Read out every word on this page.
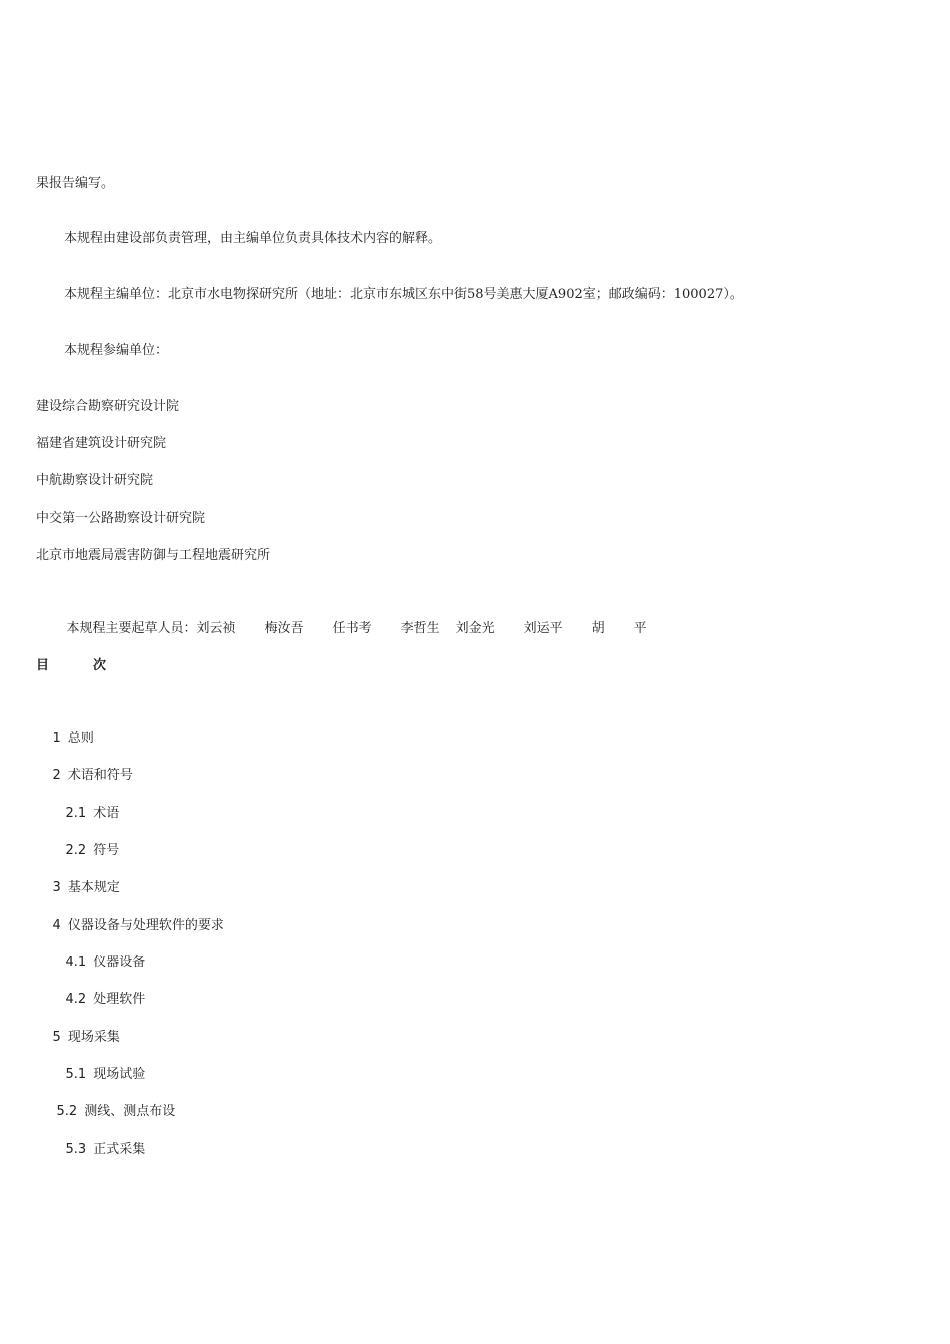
果报告编写。
本规程由建设部负责管理，由主编单位负责具体技术内容的解释。
本规程主编单位：北京市水电物探研究所（地址：北京市东城区东中街58号美惠大厦A902室；邮政编码：100027）。
本规程参编单位：
建设综合勘察研究设计院
福建省建筑设计研究院
中航勘察设计研究院
中交第一公路勘察设计研究院
北京市地震局震害防御与工程地震研究所

本规程主要起草人员：刘云祯 梅汝吾 任书考 李哲生 刘金光 刘运平 胡 平

目	次

1 总则

2 术语和符号

2.1 术语

2.2 符号

3 基本规定

4 仪器设备与处理软件的要求

4.1 仪器设备

4.2 处理软件

5 现场采集

5.1 现场试验

5.2 测线、测点布设

5.3 正式采集
